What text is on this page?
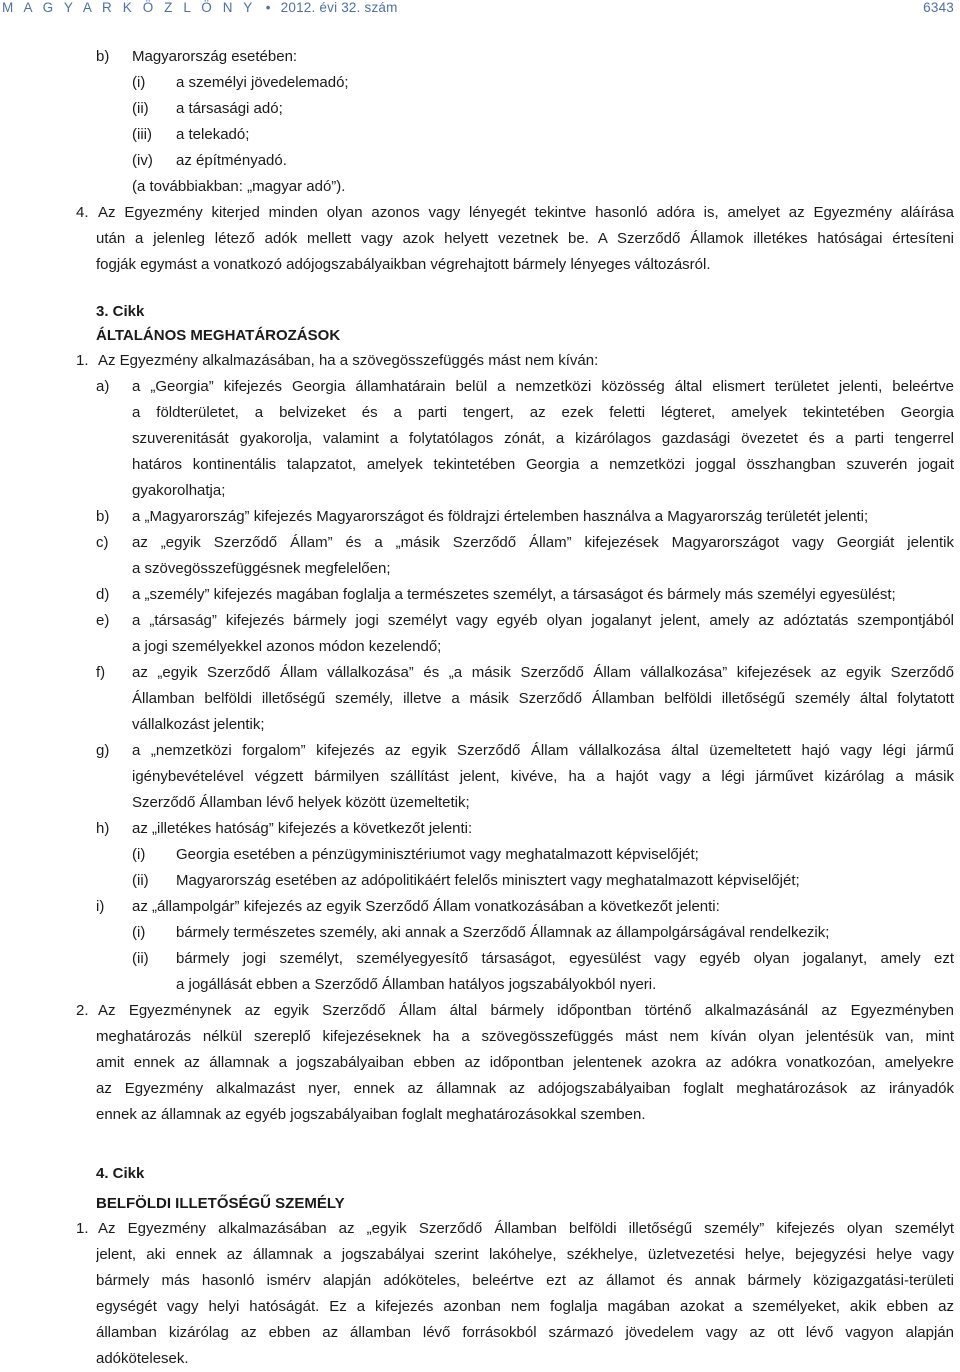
M A G Y A R K Ö Z L Ö N Y • 2012. évi 32. szám	6343
b) Magyarország esetében:
(i) a személyi jövedelemadó;
(ii) a társasági adó;
(iii) a telekadó;
(iv) az építményadó.
(a továbbiakban: „magyar adó”).
4. Az Egyezmény kiterjed minden olyan azonos vagy lényegét tekintve hasonló adóra is, amelyet az Egyezmény aláírása
után a jelenleg létező adók mellett vagy azok helyett vezetnek be. A Szerződő Államok illetékes hatóságai értesíteni
fogják egymást a vonatkozó adójogszabályaikban végrehajtott bármely lényeges változásról.
3. Cikk
ÁLTALÁNOS MEGHATÁROZÁSOK
1. Az Egyezmény alkalmazásában, ha a szövegösszefüggés mást nem kíván:
a) a „Georgia” kifejezés Georgia államhatárain belül a nemzetközi közösség által elismert területet jelenti, beleértve
a földterületet, a belvizeket és a parti tengert, az ezek feletti légteret, amelyek tekintetében Georgia
szuverenitását gyakorolja, valamint a folytatólagos zónát, a kizárólagos gazdasági övezetet és a parti tengerrel
határos kontinentális talapzatot, amelyek tekintetében Georgia a nemzetközi joggal összhangban szuverén jogait
gyakorolhatja;
b) a „Magyarország” kifejezés Magyarországot és földrajzi értelemben használva a Magyarország területét jelenti;
c) az „egyik Szerződő Állam” és a „másik Szerződő Állam” kifejezések Magyarországot vagy Georgiát jelentik
a szövegösszefüggésnek megfelelően;
d) a „személy” kifejezés magában foglalja a természetes személyt, a társaságot és bármely más személyi egyesülést;
e) a „társaság” kifejezés bármely jogi személyt vagy egyéb olyan jogalanyt jelent, amely az adóztatás szempontjából
a jogi személyekkel azonos módon kezelendő;
f) az „egyik Szerződő Állam vállalkozása” és „a másik Szerződő Állam vállalkozása” kifejezések az egyik Szerződő
Államban belföldi illetőségű személy, illetve a másik Szerződő Államban belföldi illetőségű személy által folytatott
vállalkozást jelentik;
g) a „nemzetközi forgalom” kifejezés az egyik Szerződő Állam vállalkozása által üzemeltetett hajó vagy légi jármű
igénybevételével végzett bármilyen szállítást jelent, kivéve, ha a hajót vagy a légi járművet kizárólag a másik
Szerződő Államban lévő helyek között üzemeltetik;
h) az „illetékes hatóság” kifejezés a következőt jelenti:
(i) Georgia esetében a pénzügyminisztériumot vagy meghatalmazott képviselőjét;
(ii) Magyarország esetében az adópolitikáért felelős minisztert vagy meghatalmazott képviselőjét;
i) az „állampolgár” kifejezés az egyik Szerződő Állam vonatkozásában a következőt jelenti:
(i) bármely természetes személy, aki annak a Szerződő Államnak az állampolgárságával rendelkezik;
(ii) bármely jogi személyt, személyegyesítő társaságot, egyesülést vagy egyéb olyan jogalanyt, amely ezt
a jogállását ebben a Szerződő Államban hatályos jogszabályokból nyeri.
2. Az Egyezménynek az egyik Szerződő Állam által bármely időpontban történő alkalmazásánál az Egyezményben
meghatározás nélkül szereplő kifejezéseknek ha a szövegösszefüggés mást nem kíván olyan jelentésük van, mint
amit ennek az államnak a jogszabályaiban ebben az időpontban jelentenek azokra az adókra vonatkozóan, amelyekre
az Egyezmény alkalmazást nyer, ennek az államnak az adójogszabályaiban foglalt meghatározások az irányadók
ennek az államnak az egyéb jogszabályaiban foglalt meghatározásokkal szemben.
4. Cikk
BELFÖLDI ILLETŐSÉGŰ SZEMÉLY
1. Az Egyezmény alkalmazásában az „egyik Szerződő Államban belföldi illetőségű személy” kifejezés olyan személyt
jelent, aki ennek az államnak a jogszabályai szerint lakóhelye, székhelye, üzletvezetési helye, bejegyzési helye vagy
bármely más hasonló ismérv alapján adóköteles, beleértve ezt az államot és annak bármely közigazgatási-területi
egységét vagy helyi hatóságát. Ez a kifejezés azonban nem foglalja magában azokat a személyeket, akik ebben az
államban kizárólag az ebben az államban lévő forrásokból származó jövedelem vagy az ott lévő vagyon alapján
adókötelesek.
